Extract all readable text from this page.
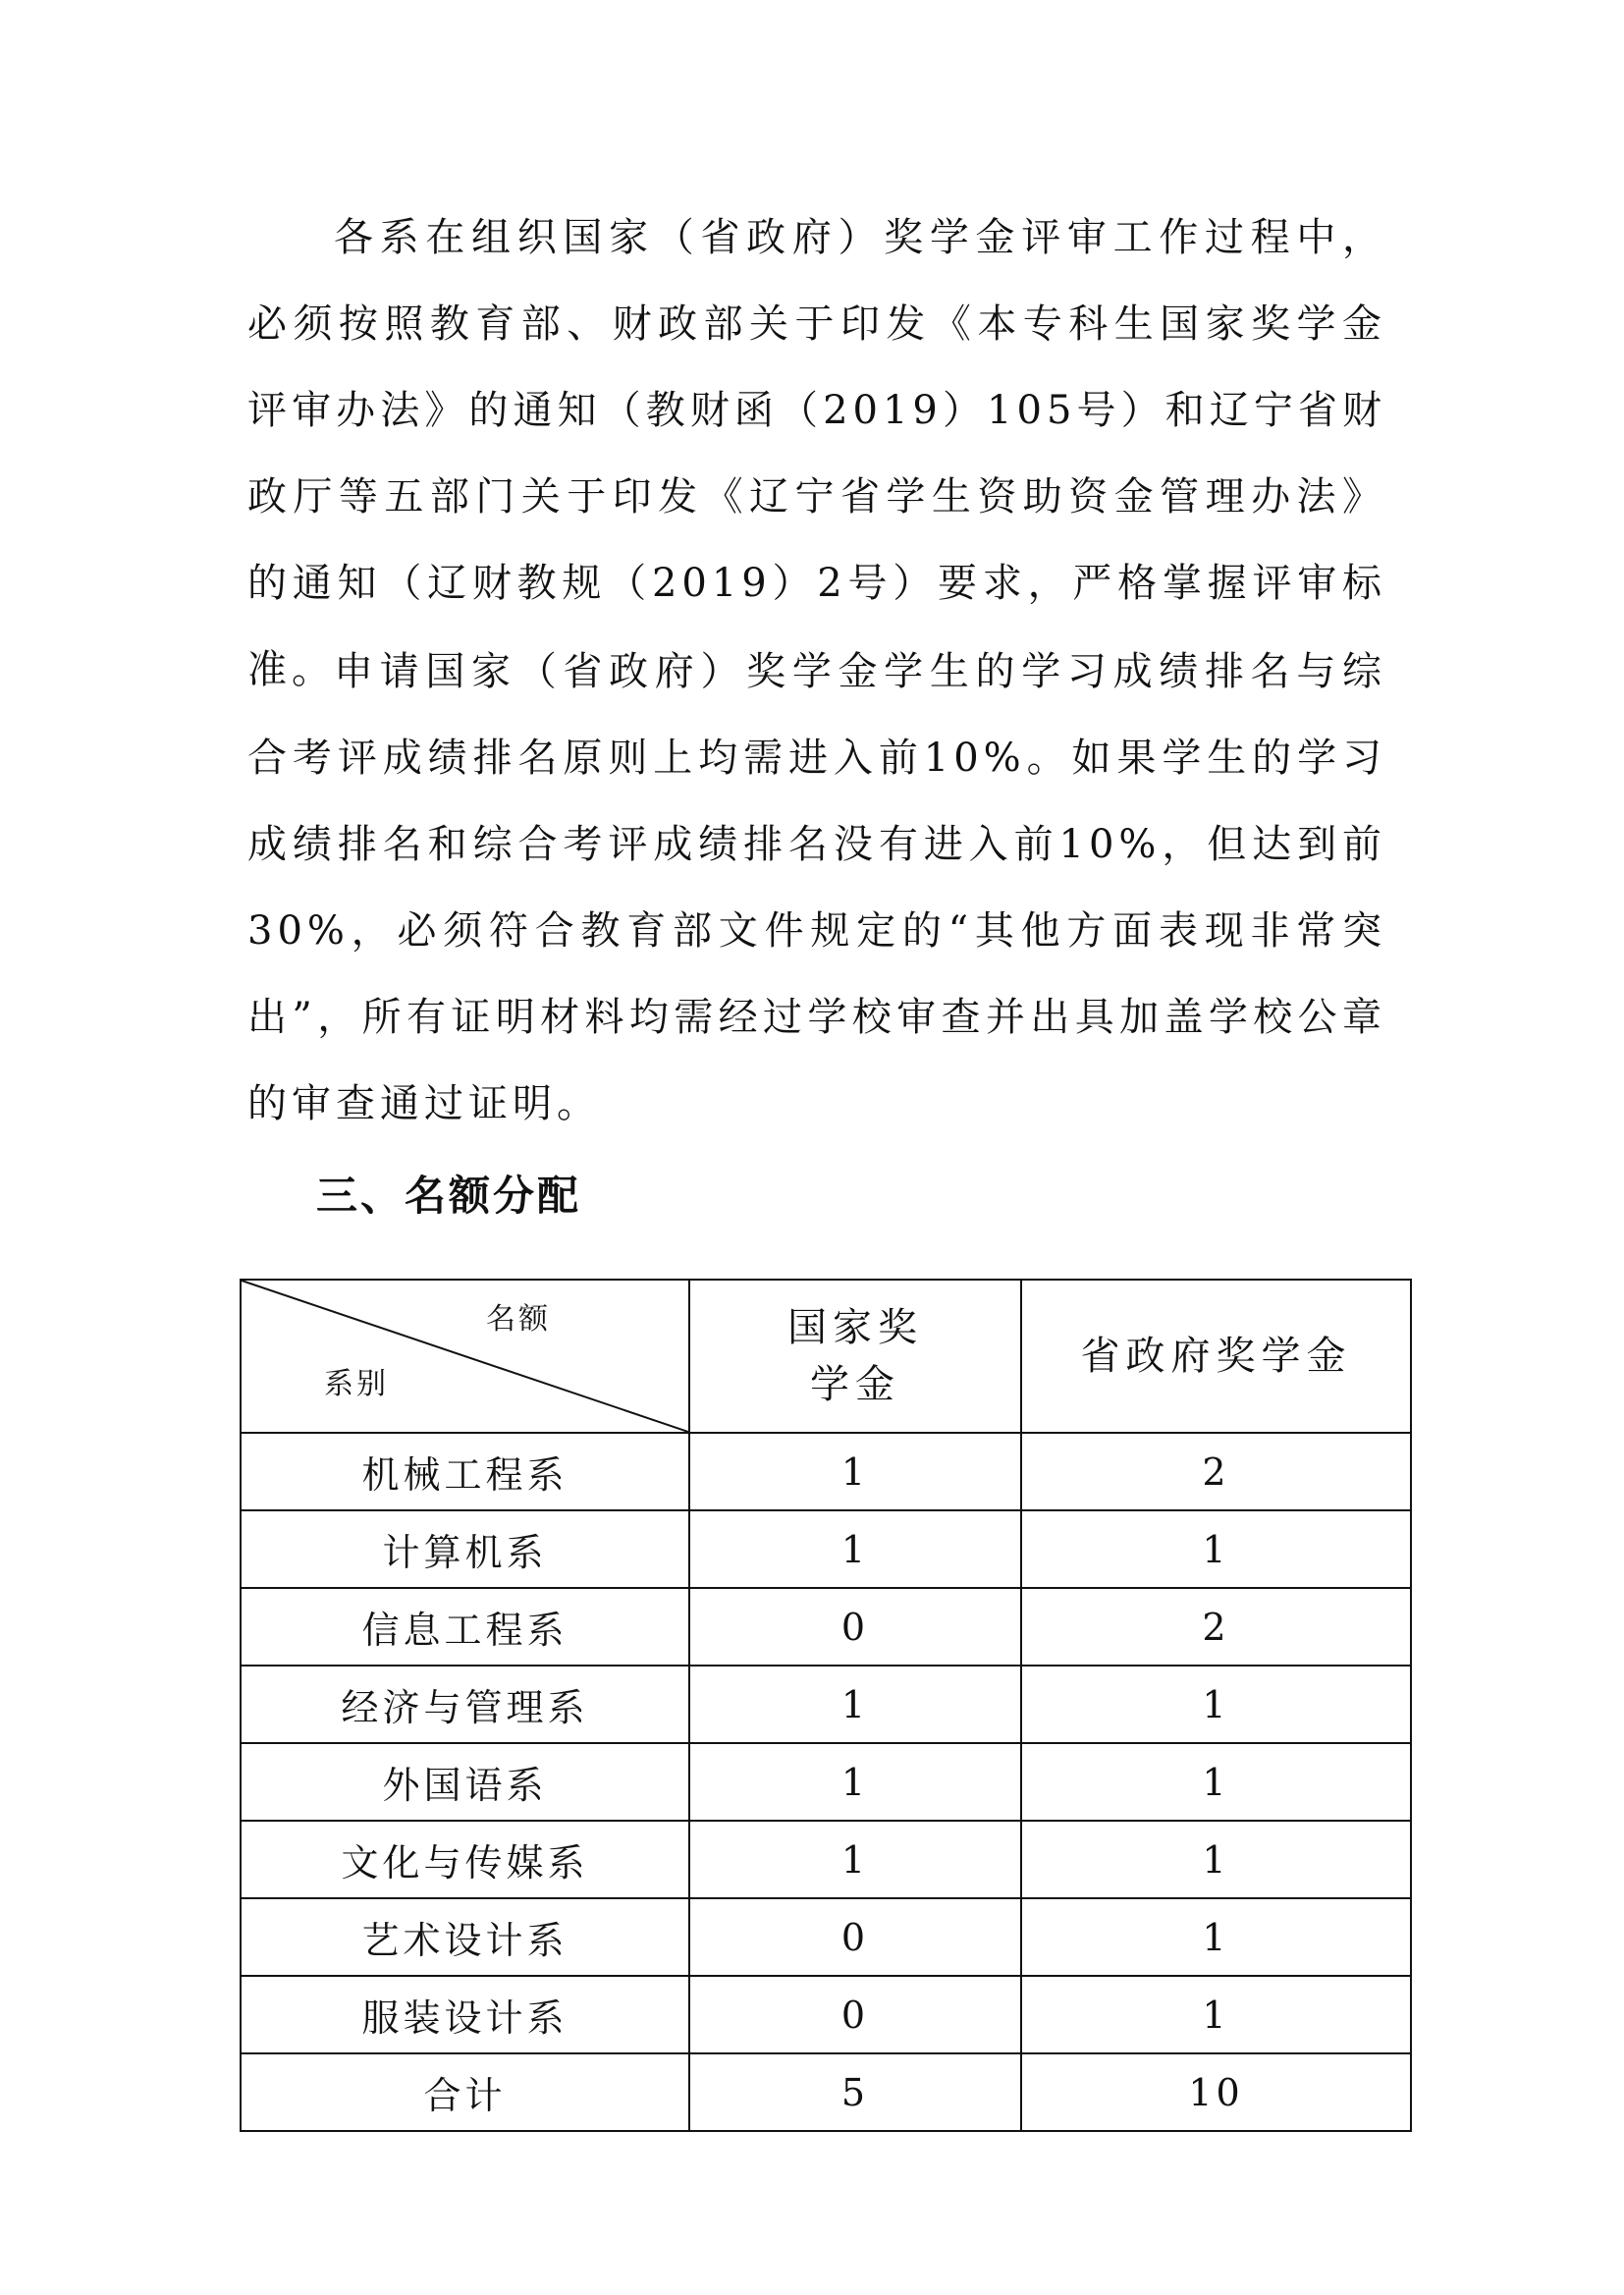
各系在组织国家（省政府）奖学金评审工作过程中，必须按照教育部、财政部关于印发《本专科生国家奖学金评审办法》的通知（教财函（2019）105号）和辽宁省财政厅等五部门关于印发《辽宁省学生资助资金管理办法》的通知（辽财教规（2019）2号）要求，严格掌握评审标准。

申请国家（省政府）奖学金学生的学习成绩排名与综合考评成绩排名原则上均需进入前10%。如果学生的学习成绩排名和综合考评成绩排名没有进入前10%，但达到前30%，必须符合教育部文件规定的“其他方面表现非常突出”，所有证明材料均需经过学校审查并出具加盖学校公章的审查通过证明。

三、名额分配
名额
系别	国家奖学金	省政府奖学金
机械工程系	1	2
计算机系	1	1
信息工程系	0	2
经济与管理系	1	1
外国语系	1	1
文化与传媒系	1	1
艺术设计系	0	1
服装设计系	0	1
合计	5	10
